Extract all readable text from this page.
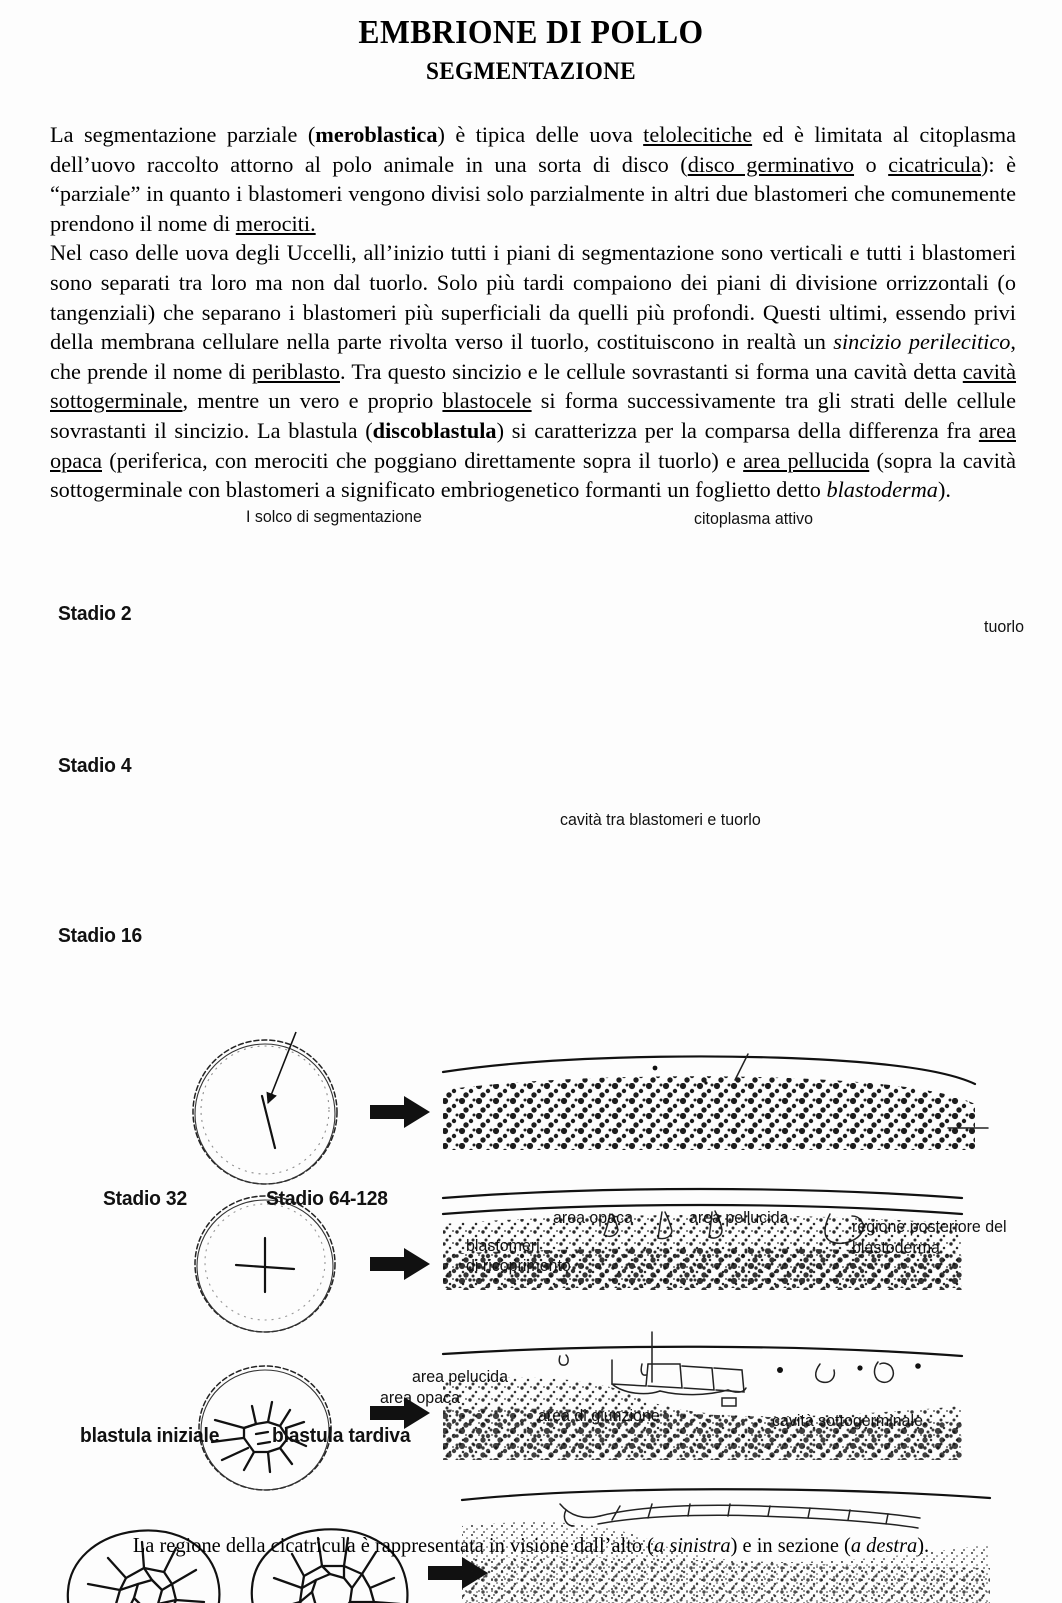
EMBRIONE DI POLLO
SEGMENTAZIONE

La segmentazione parziale (meroblastica) è tipica delle uova telolecitiche ed è limitata al citoplasma dell’uovo raccolto attorno al polo animale in una sorta di disco (disco germinativo o cicatricula): è “parziale” in quanto i blastomeri vengono divisi solo parzialmente in altri due blastomeri che comunemente prendono il nome di merociti.

Nel caso delle uova degli Uccelli, all’inizio tutti i piani di segmentazione sono verticali e tutti i blastomeri sono separati tra loro ma non dal tuorlo. Solo più tardi compaiono dei piani di divisione orrizzontali (o tangenziali) che separano i blastomeri più superficiali da quelli più profondi. Questi ultimi, essendo privi della membrana cellulare nella parte rivolta verso il tuorlo, costituiscono in realtà un sincizio perilecitico, che prende il nome di periblasto. Tra questo sincizio e le cellule sovrastanti si forma una cavità detta cavità sottogerminale, mentre un vero e proprio blastocele si forma successivamente tra gli strati delle cellule sovrastanti il sincizio. La blastula (discoblastula) si caratterizza per la comparsa della differenza fra area opaca (periferica, con merociti che poggiano direttamente sopra il tuorlo) e area pellucida (sopra la cavità sottogerminale con blastomeri a significato embriogenetico formanti un foglietto detto blastoderma).

I solco di segmentazione	citoplasma attivo
tuorlo
Stadio 2
Stadio 4
cavità tra blastomeri e tuorlo
Stadio 16
Stadio 32	Stadio 64-128
blastomeri
di ricoprimento
area opaca	area pellucida	regione posteriore del
blastoderma
area pelucida
area opaca
area di giunzione	cavità sottogerminale
blastula iniziale	blastula tardiva
La regione della cicatricula è rappresentata in visione dall’alto (a sinistra) e in sezione (a destra).
